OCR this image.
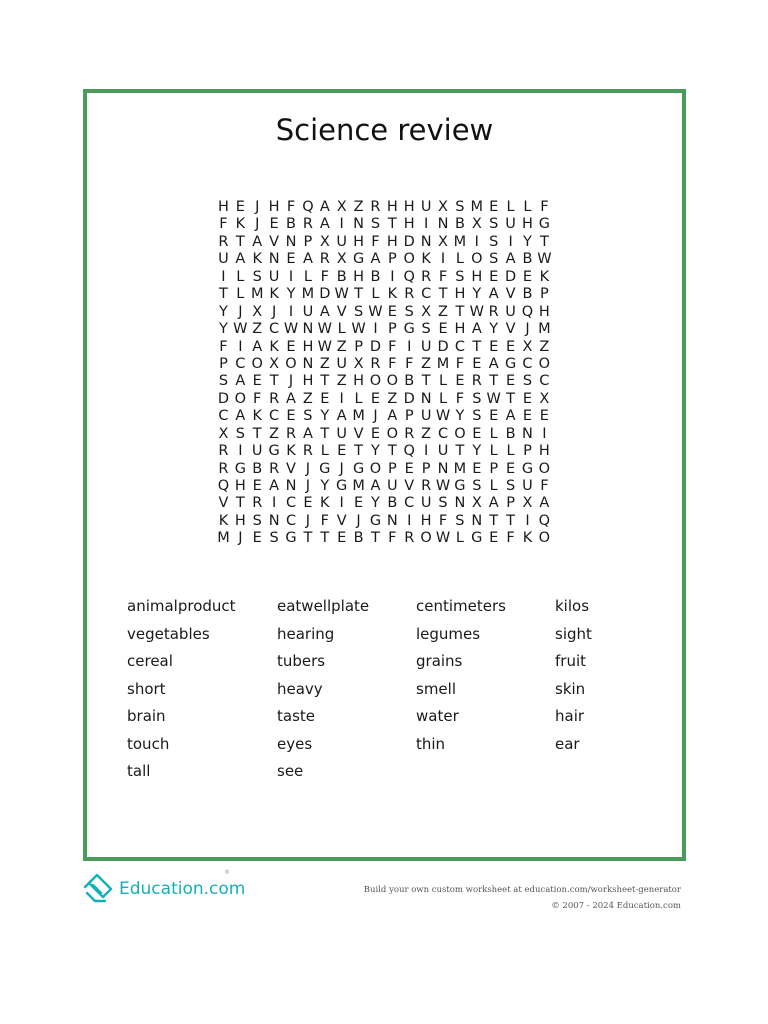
Science review
H E J H F Q A X Z R H H U X S M E L L F
F K J E B R A I N S T H I N B X S U H G
R T A V N P X U H F H D N X M I S I Y T
U A K N E A R X G A P O K I L O S A B W
I L S U I L F B H B I Q R F S H E D E K
T L M K Y M D W T L K R C T H Y A V B P
Y J X J I U A V S W E S X Z T W R U Q H
Y W Z C W N W L W I P G S E H A Y V J M
F I A K E H W Z P D F I U D C T E E X Z
P C O X O N Z U X R F F Z M F E A G C O
S A E T J H T Z H O O B T L E R T E S C
D O F R A Z E I L E Z D N L F S W T E X
C A K C E S Y A M J A P U W Y S E A E E
X S T Z R A T U V E O R Z C O E L B N I
R I U G K R L E T Y T Q I U T Y L L P H
R G B R V J G J G O P E P N M E P E G O
Q H E A N J Y G M A U V R W G S L S U F
V T R I C E K I E Y B C U S N X A P X A
K H S N C J F V J G N I H F S N T T I Q
M J E S G T T E B T F R O W L G E F K O
animalproduct	eatwellplate	centimeters	kilos
vegetables	hearing	legumes	sight
cereal	tubers	grains	fruit
short	heavy	smell	skin
brain	taste	water	hair
touch	eyes	thin	ear
tall	see
Education.com
®
Build your own custom worksheet at education.com/worksheet-generator
© 2007 - 2024 Education.com
